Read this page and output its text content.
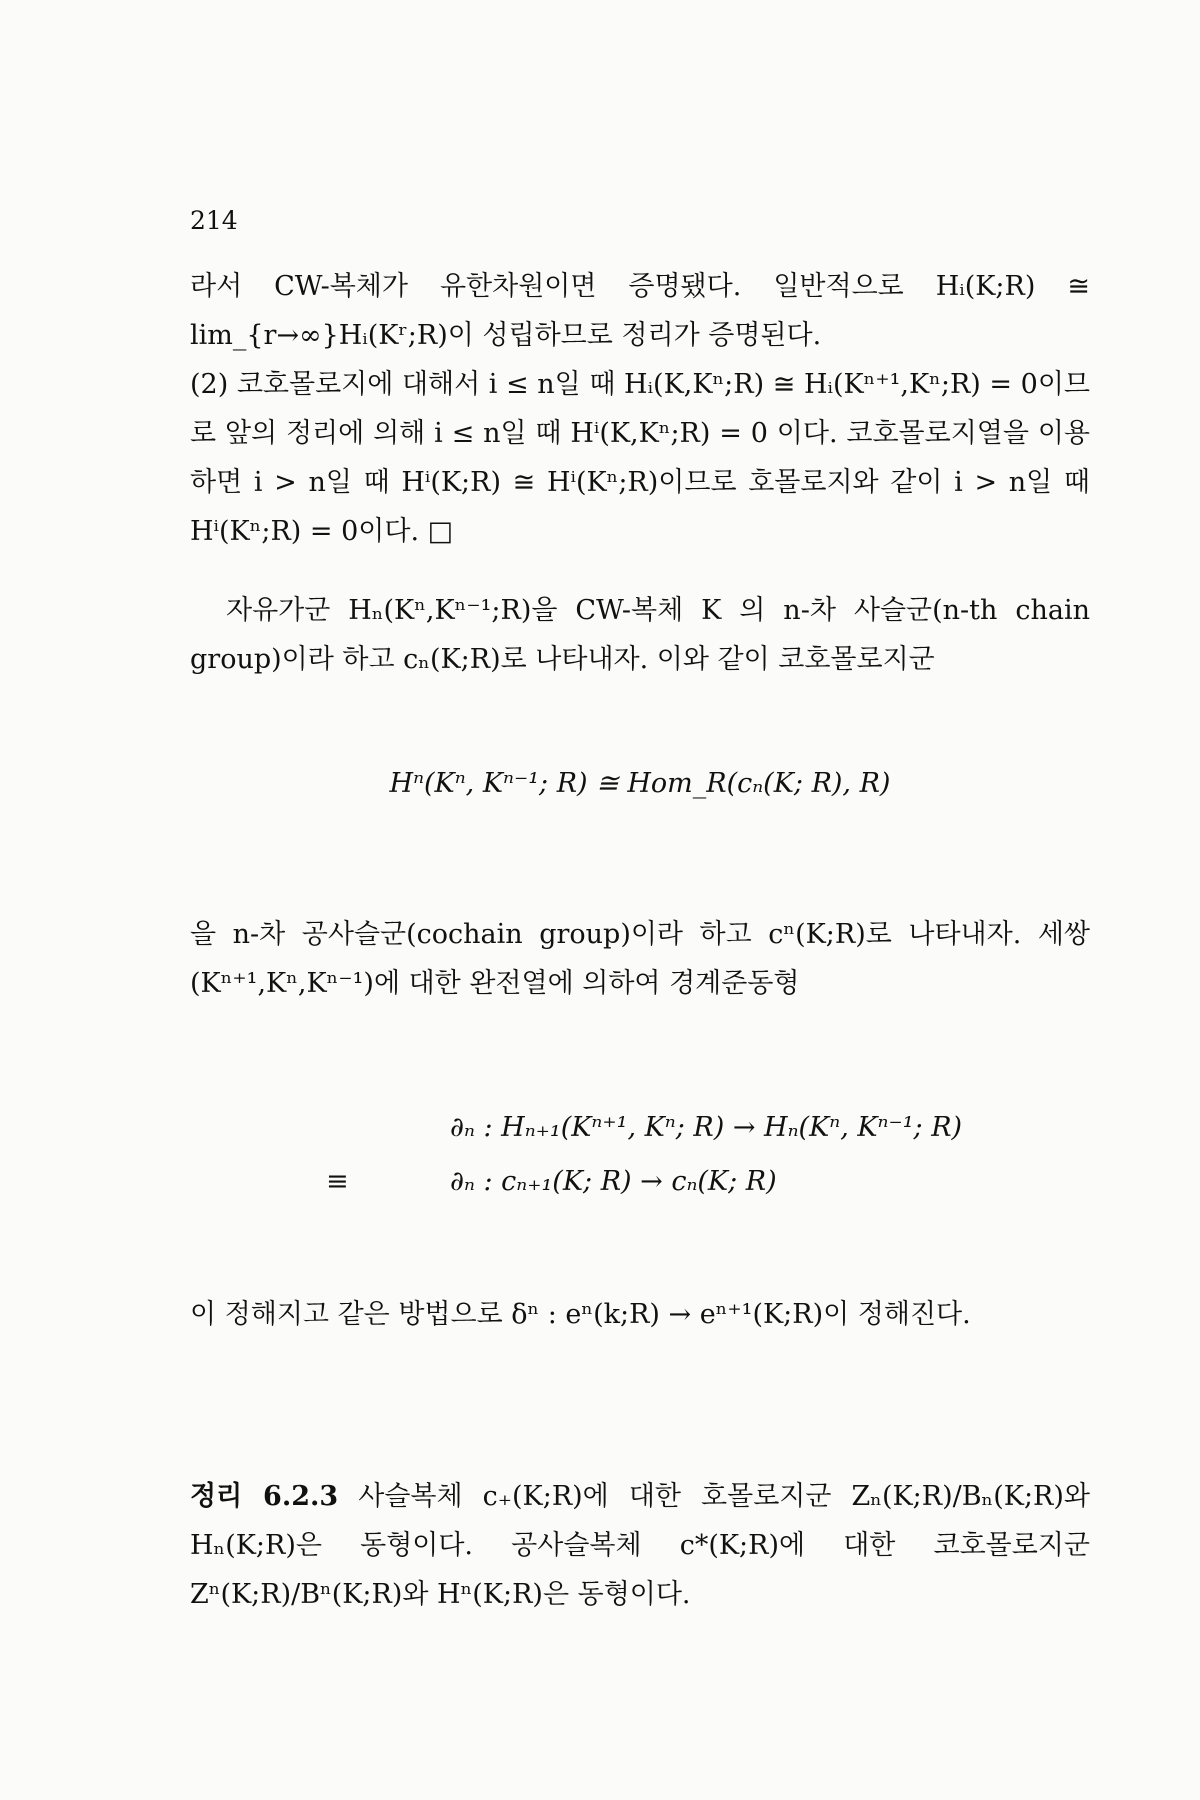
214

라서 CW-복체가 유한차원이면 증명됐다. 일반적으로 Hᵢ(K;R) ≅ lim_{r→∞}Hᵢ(Kʳ;R)이 성립하므로 정리가 증명된다.

(2) 코호몰로지에 대해서 i ≤ n일 때 Hᵢ(K,Kⁿ;R) ≅ Hᵢ(Kⁿ⁺¹,Kⁿ;R) = 0이므로 앞의 정리에 의해 i ≤ n일 때 Hⁱ(K,Kⁿ;R) = 0 이다. 코호몰로지열을 이용하면 i > n일 때 Hⁱ(K;R) ≅ Hⁱ(Kⁿ;R)이므로 호몰로지와 같이 i > n일 때 Hⁱ(Kⁿ;R) = 0이다. □

자유가군 Hₙ(Kⁿ,Kⁿ⁻¹;R)을 CW-복체 K 의 n-차 사슬군(n-th chain group)이라 하고 cₙ(K;R)로 나타내자. 이와 같이 코호몰로지군
Hⁿ(Kⁿ, Kⁿ⁻¹; R) ≅ Hom_R(cₙ(K; R), R)
을 n-차 공사슬군(cochain group)이라 하고 cⁿ(K;R)로 나타내자. 세쌍 (Kⁿ⁺¹,Kⁿ,Kⁿ⁻¹)에 대한 완전열에 의하여 경계준동형
∂ₙ : Hₙ₊₁(Kⁿ⁺¹, Kⁿ; R) → Hₙ(Kⁿ, Kⁿ⁻¹; R)
≡	∂ₙ : cₙ₊₁(K; R) → cₙ(K; R)
이 정해지고 같은 방법으로 δⁿ : eⁿ(k;R) → eⁿ⁺¹(K;R)이 정해진다.
정리 6.2.3 사슬복체 c₊(K;R)에 대한 호몰로지군 Zₙ(K;R)/Bₙ(K;R)와 Hₙ(K;R)은 동형이다. 공사슬복체 c*(K;R)에 대한 코호몰로지군 Zⁿ(K;R)/Bⁿ(K;R)와 Hⁿ(K;R)은 동형이다.
